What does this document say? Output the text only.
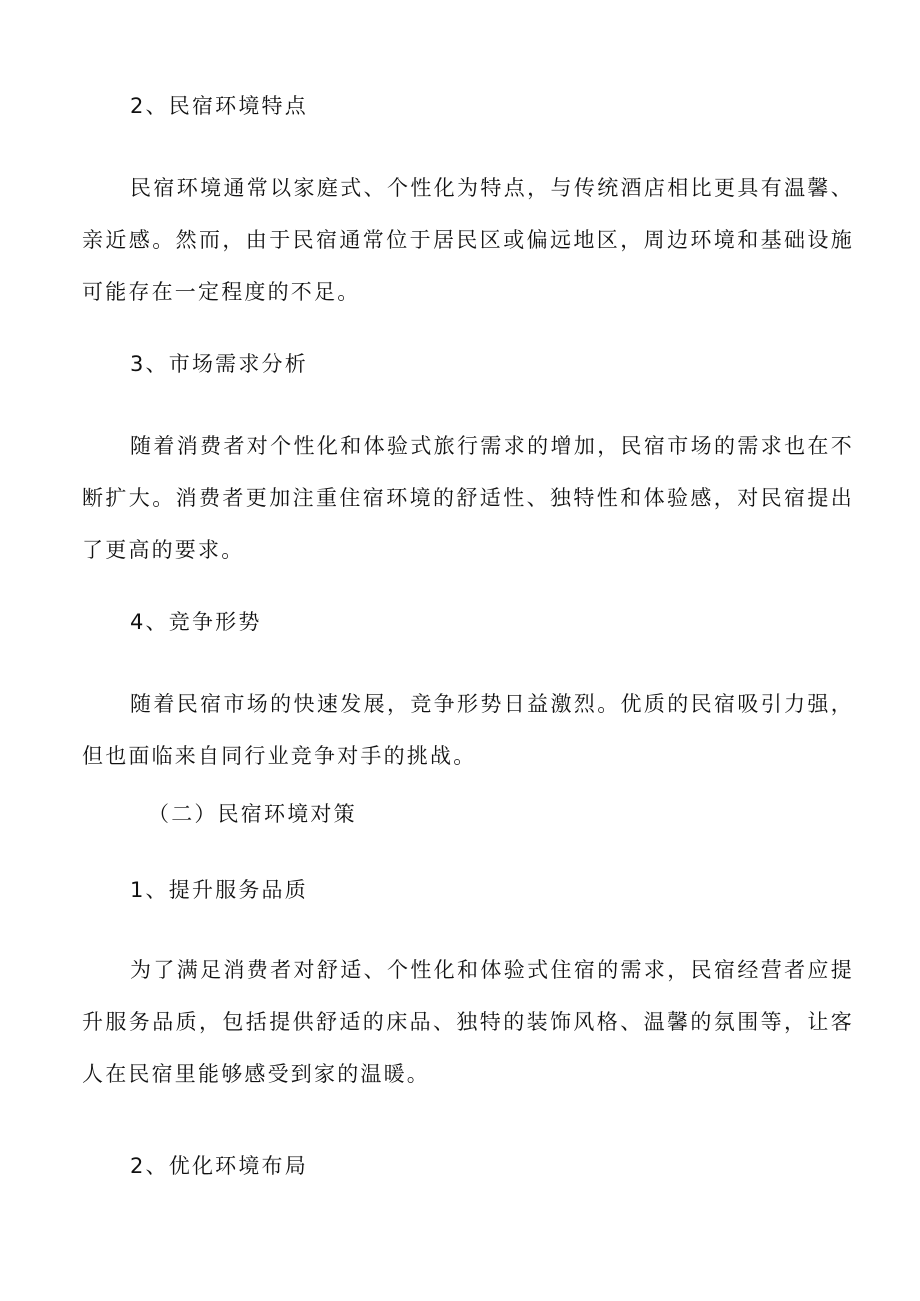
2、民宿环境特点
民宿环境通常以家庭式、个性化为特点，与传统酒店相比更具有温馨、亲近感。然而，由于民宿通常位于居民区或偏远地区，周边环境和基础设施可能存在一定程度的不足。
3、市场需求分析
随着消费者对个性化和体验式旅行需求的增加，民宿市场的需求也在不断扩大。消费者更加注重住宿环境的舒适性、独特性和体验感，对民宿提出了更高的要求。
4、竞争形势
随着民宿市场的快速发展，竞争形势日益激烈。优质的民宿吸引力强，但也面临来自同行业竞争对手的挑战。
（二）民宿环境对策
1、提升服务品质
为了满足消费者对舒适、个性化和体验式住宿的需求，民宿经营者应提升服务品质，包括提供舒适的床品、独特的装饰风格、温馨的氛围等，让客人在民宿里能够感受到家的温暖。
2、优化环境布局
